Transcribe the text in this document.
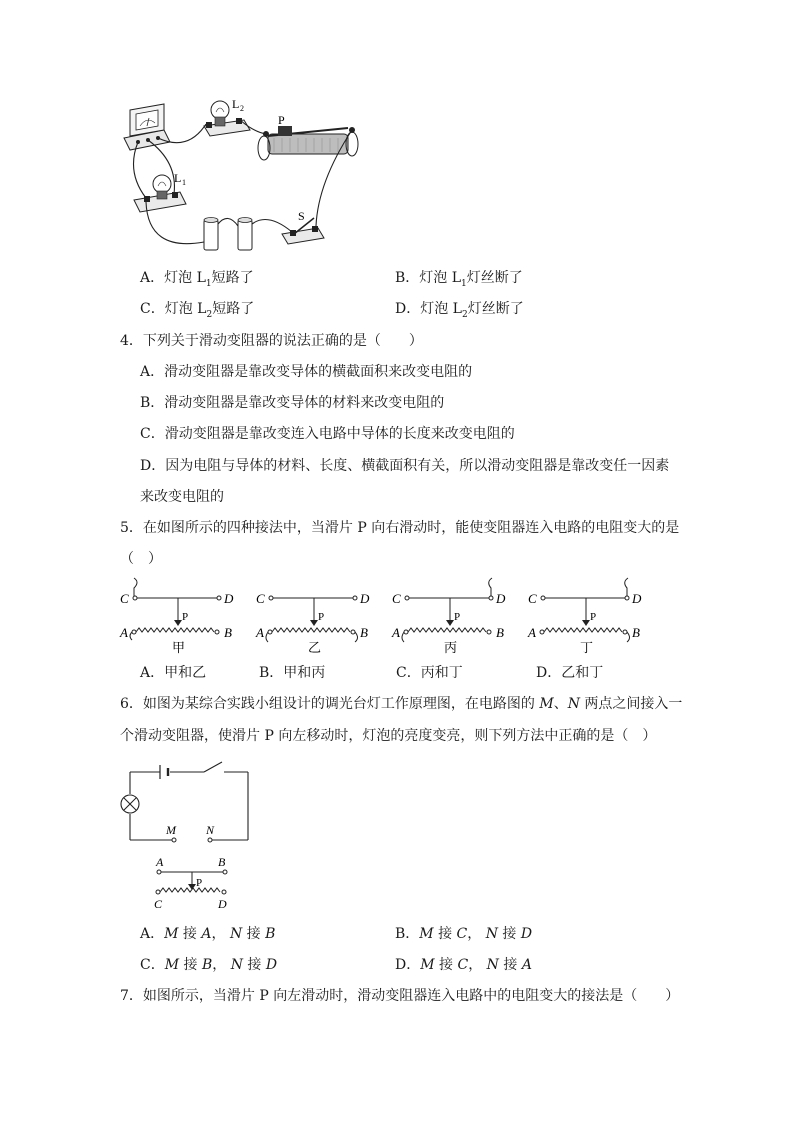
L 2
P
L 1
S
A．灯泡 $L_1$短路了	B．灯泡 $L_1$灯丝断了
C．灯泡 $L_2$短路了	D．灯泡 $L_2$灯丝断了
4．下列关于滑动变阻器的说法正确的是（　　）
A．滑动变阻器是靠改变导体的横截面积来改变电阻的
B．滑动变阻器是靠改变导体的材料来改变电阻的
C．滑动变阻器是靠改变连入电路中导体的长度来改变电阻的
D．因为电阻与导体的材料、长度、横截面积有关，所以滑动变阻器是靠改变任一因素
来改变电阻的
5．在如图所示的四种接法中，当滑片 P 向右滑动时，能使变阻器连入电路的电阻变大的是
（　）
C	D
A	B
P
甲
C	D
A	B
P
乙
C	D
A	B
P
丙
C	D
A	B
P
丁
A．甲和乙	B．甲和丙	C．丙和丁	D．乙和丁
6．如图为某综合实践小组设计的调光台灯工作原理图，在电路图的 M、N 两点之间接入一
个滑动变阻器，使滑片 P 向左移动时，灯泡的亮度变亮，则下列方法中正确的是（　）
M	N
A	B
P
C	D
A．M 接 A， N 接 B	B．M 接 C， N 接 D
C．M 接 B， N 接 D	D．M 接 C， N 接 A
7．如图所示，当滑片 P 向左滑动时，滑动变阻器连入电路中的电阻变大的接法是（　　）
